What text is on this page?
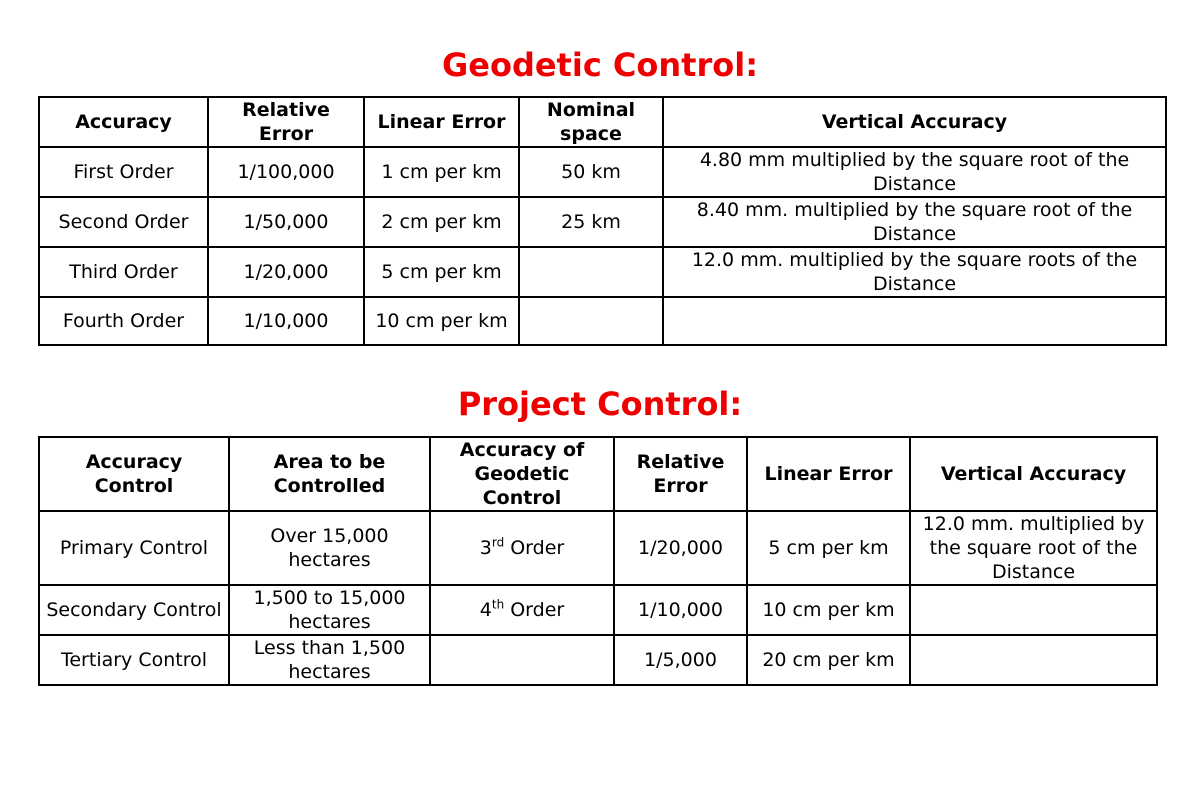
Geodetic Control:
Accuracy	Relative Error	Linear Error	Nominal space	Vertical Accuracy
First Order	1/100,000	1 cm per km	50 km	4.80 mm multiplied by the square root of the Distance
Second Order	1/50,000	2 cm per km	25 km	8.40 mm. multiplied by the square root of the Distance
Third Order	1/20,000	5 cm per km		12.0 mm. multiplied by the square roots of the Distance
Fourth Order	1/10,000	10 cm per km		
Project Control:
Accuracy Control	Area to be Controlled	Accuracy of Geodetic Control	Relative Error	Linear Error	Vertical Accuracy
Primary Control	Over 15,000 hectares	3rd Order	1/20,000	5 cm per km	12.0 mm. multiplied by the square root of the Distance
Secondary Control	1,500 to 15,000 hectares	4th Order	1/10,000	10 cm per km	
Tertiary Control	Less than 1,500 hectares		1/5,000	20 cm per km	
